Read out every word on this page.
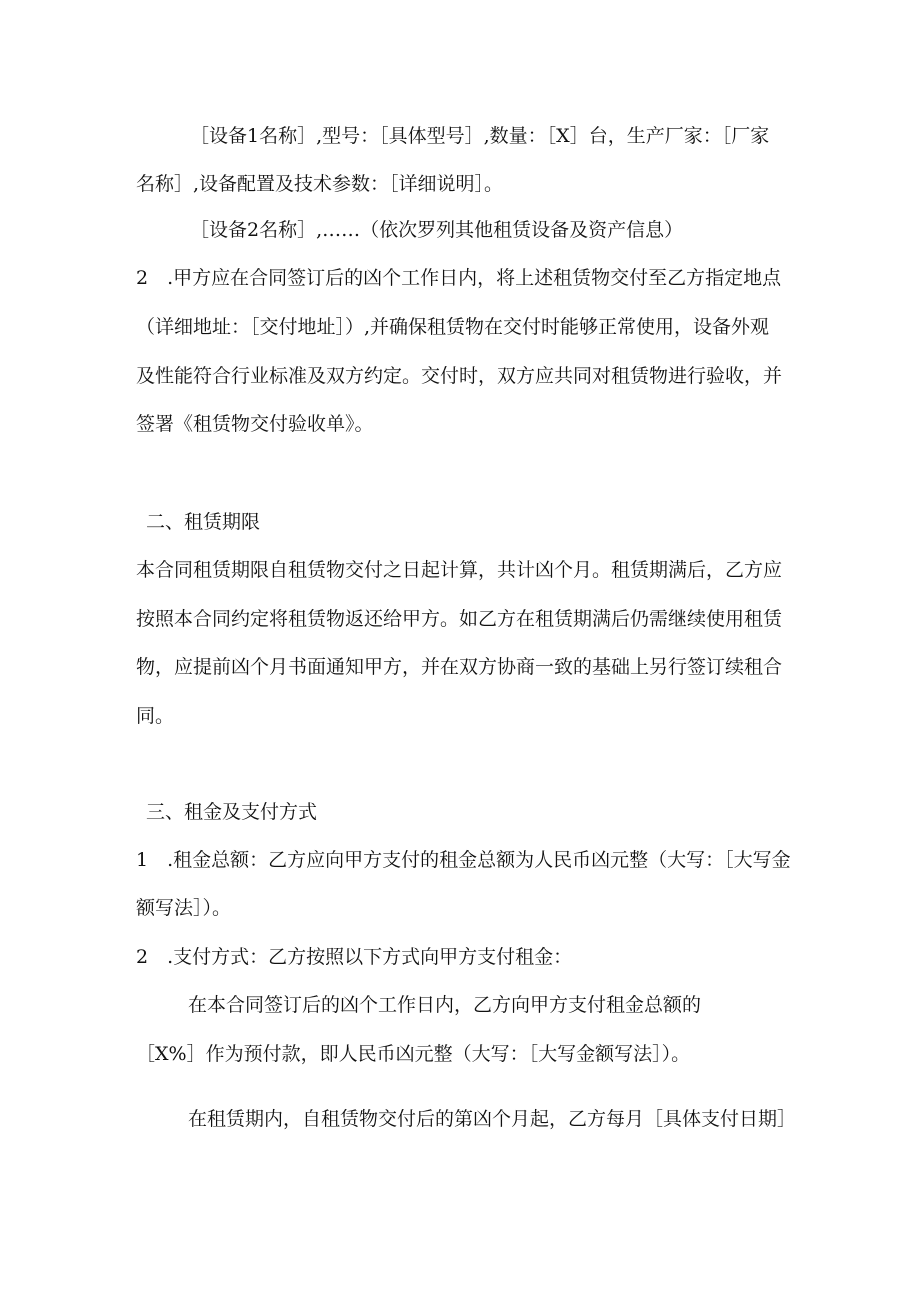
［设备1名称］,型号：［具体型号］,数量：［X］台，生产厂家：［厂家
名称］,设备配置及技术参数：［详细说明］。
［设备2名称］,……（依次罗列其他租赁设备及资产信息）
2　.甲方应在合同签订后的凶个工作日内，将上述租赁物交付至乙方指定地点
（详细地址：［交付地址］）,并确保租赁物在交付时能够正常使用，设备外观
及性能符合行业标准及双方约定。交付时，双方应共同对租赁物进行验收，并
签署《租赁物交付验收单》。
二、租赁期限
本合同租赁期限自租赁物交付之日起计算，共计凶个月。租赁期满后，乙方应
按照本合同约定将租赁物返还给甲方。如乙方在租赁期满后仍需继续使用租赁
物，应提前凶个月书面通知甲方，并在双方协商一致的基础上另行签订续租合
同。
三、租金及支付方式
1　.租金总额：乙方应向甲方支付的租金总额为人民币凶元整（大写：［大写金
额写法］）。
2　.支付方式：乙方按照以下方式向甲方支付租金：
在本合同签订后的凶个工作日内，乙方向甲方支付租金总额的
［X%］作为预付款，即人民币凶元整（大写：［大写金额写法］）。
在租赁期内，自租赁物交付后的第凶个月起，乙方每月［具体支付日期］
